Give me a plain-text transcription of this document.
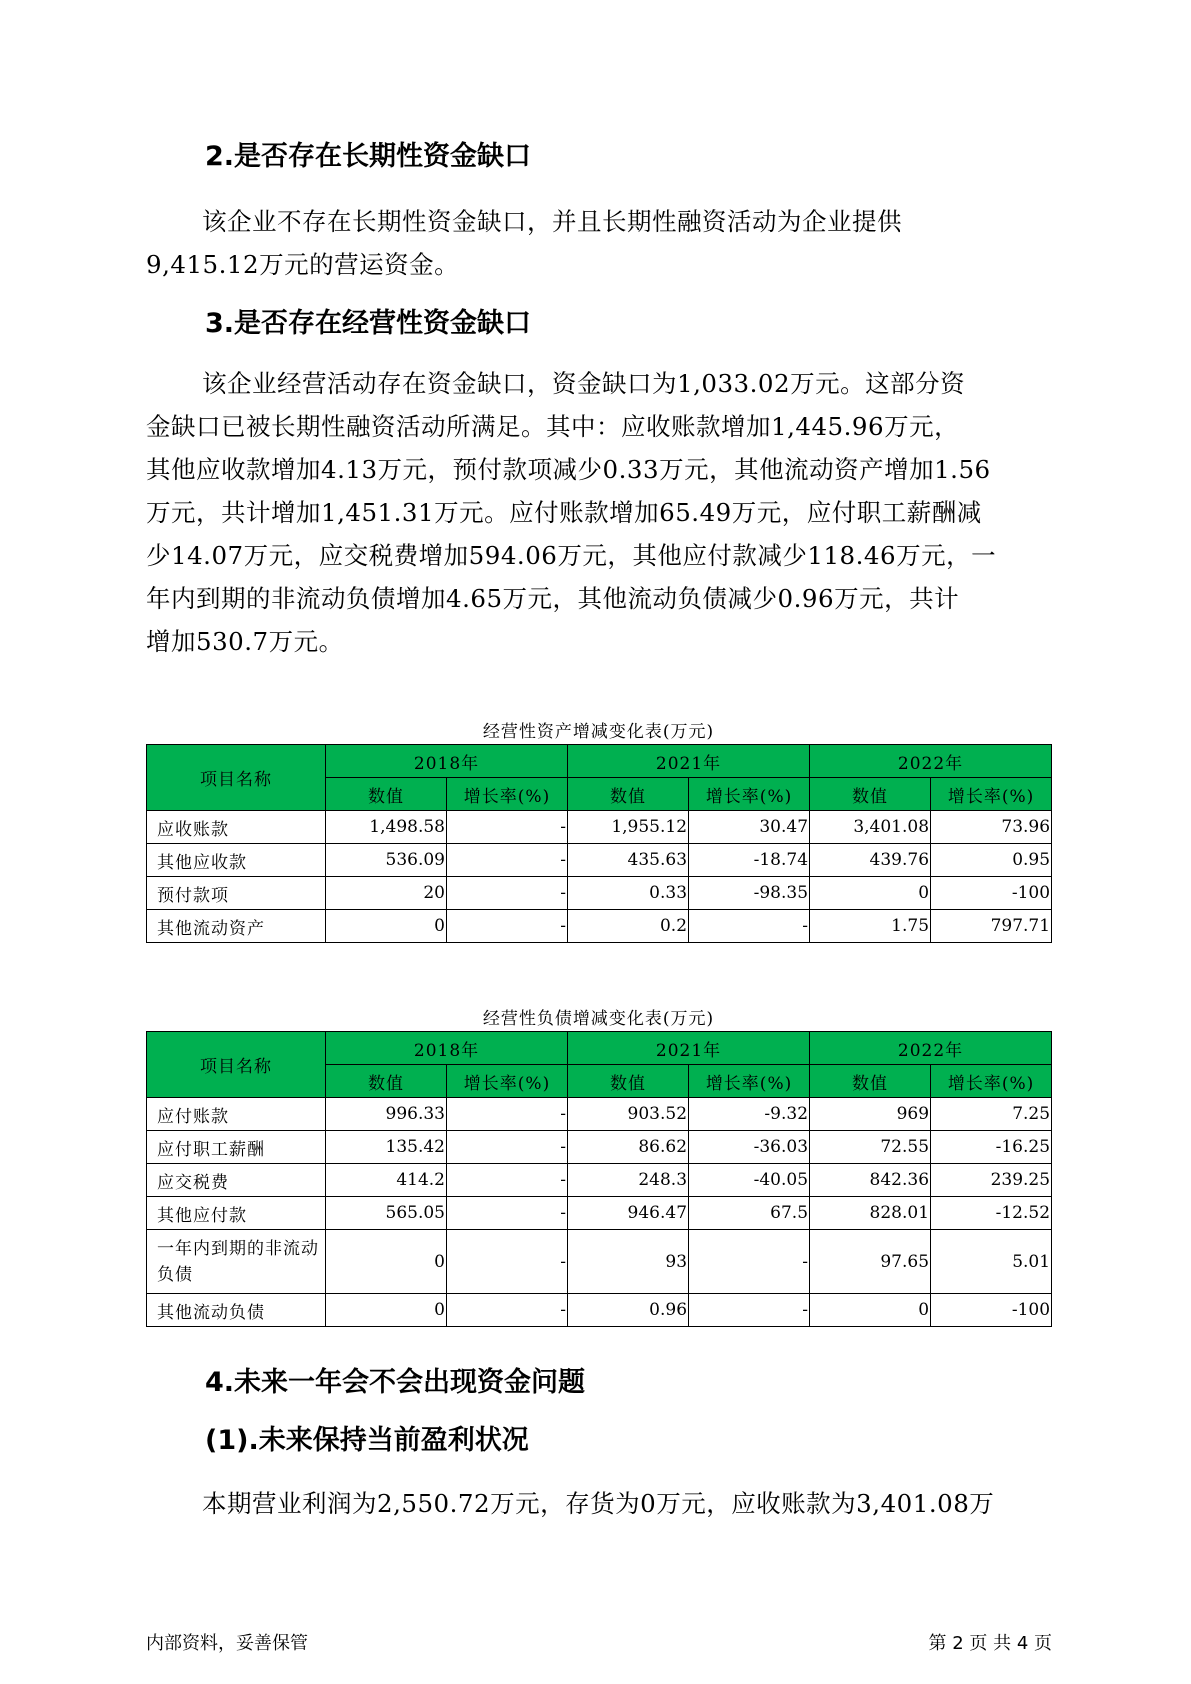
2.是否存在长期性资金缺口
该企业不存在长期性资金缺口，并且长期性融资活动为企业提供
9,415.12万元的营运资金。
3.是否存在经营性资金缺口
该企业经营活动存在资金缺口，资金缺口为1,033.02万元。这部分资
金缺口已被长期性融资活动所满足。其中：应收账款增加1,445.96万元，
其他应收款增加4.13万元，预付款项减少0.33万元，其他流动资产增加1.56
万元，共计增加1,451.31万元。应付账款增加65.49万元，应付职工薪酬减
少14.07万元，应交税费增加594.06万元，其他应付款减少118.46万元，一
年内到期的非流动负债增加4.65万元，其他流动负债减少0.96万元，共计
增加530.7万元。
经营性资产增减变化表(万元)
项目名称	2018年		2021年		2022年	
	数值	增长率(%)	数值	增长率(%)	数值	增长率(%)
应收账款	1,498.58	-	1,955.12	30.47	3,401.08	73.96
其他应收款	536.09	-	435.63	-18.74	439.76	0.95
预付款项	20	-	0.33	-98.35	0	-100
其他流动资产	0	-	0.2	-	1.75	797.71
经营性负债增减变化表(万元)
项目名称	2018年		2021年		2022年	
	数值	增长率(%)	数值	增长率(%)	数值	增长率(%)
应付账款	996.33	-	903.52	-9.32	969	7.25
应付职工薪酬	135.42	-	86.62	-36.03	72.55	-16.25
应交税费	414.2	-	248.3	-40.05	842.36	239.25
其他应付款	565.05	-	946.47	67.5	828.01	-12.52
一年内到期的非流动负债	0	-	93	-	97.65	5.01
其他流动负债	0	-	0.96	-	0	-100
4.未来一年会不会出现资金问题
(1).未来保持当前盈利状况
本期营业利润为2,550.72万元，存货为0万元，应收账款为3,401.08万
内部资料，妥善保管	第 2 页 共 4 页
